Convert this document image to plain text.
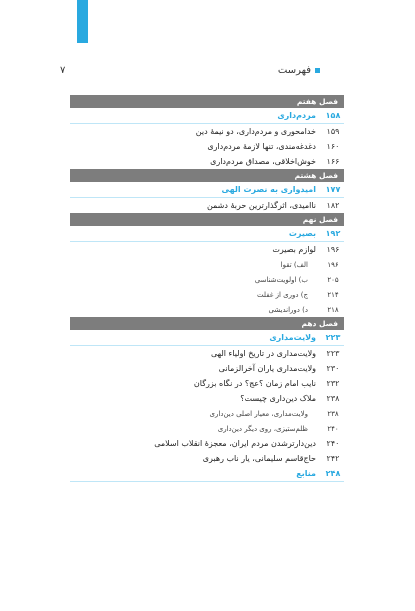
۷	فهرست
فصل هفتم
۱۵۸
مردم‌داری
۱۵۹
خدامحوری و مردم‌داری، دو نیمهٔ دین
۱۶۰
دغدغه‌مندی، تنها لازمهٔ مردم‌داری
۱۶۶
خوش‌اخلاقی، مصداق مردم‌داری
فصل هشتم
۱۷۷
امیدواری به نصرت الهی
۱۸۲
ناامیدی، اثرگذارترین حربهٔ دشمن
فصل نهم
۱۹۲
بصیرت
۱۹۶
لوازم بصیرت
۱۹۶
الف) تقوا
۲۰۵
ب) اولویت‌شناسی
۲۱۴
ج) دوری از غفلت
۲۱۸
د) دوراندیشی
فصل دهم
۲۲۳
ولایت‌مداری
۲۲۳
ولایت‌مداری در تاریخ اولیاء الهی
۲۳۰
ولایت‌مداری یاران آخرالزمانی
۲۳۲
نایب امام زمان ؟عج؟ در نگاه بزرگان
۲۳۸
ملاک دین‌داری چیست؟
۲۳۸
ولایت‌مداری، معیار اصلی دین‌داری
۲۴۰
ظلم‌ستیزی، روی دیگر دین‌داری
۲۴۰
دین‌دارترشدن مردم ایران، معجزهٔ انقلاب اسلامی
۲۴۲
حاج‌قاسم سلیمانی، یار ناب رهبری
۲۴۸
منابع
